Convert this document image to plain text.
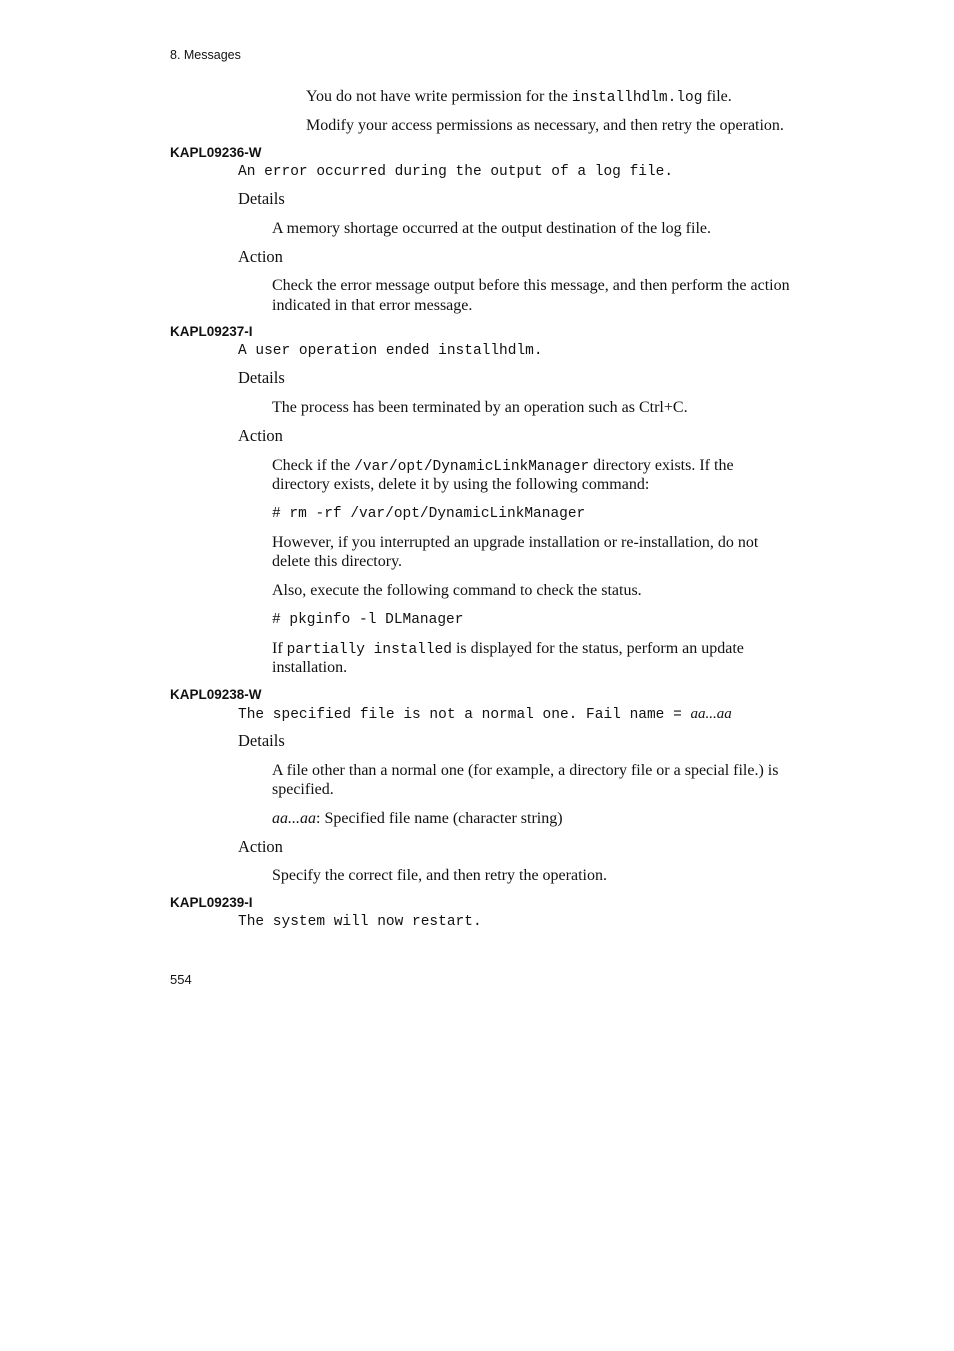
8. Messages
You do not have write permission for the installhdlm.log file.
Modify your access permissions as necessary, and then retry the operation.
KAPL09236-W
An error occurred during the output of a log file.
Details
A memory shortage occurred at the output destination of the log file.
Action
Check the error message output before this message, and then perform the action
indicated in that error message.
KAPL09237-I
A user operation ended installhdlm.
Details
The process has been terminated by an operation such as Ctrl+C.
Action
Check if the /var/opt/DynamicLinkManager directory exists. If the
directory exists, delete it by using the following command:
# rm -rf /var/opt/DynamicLinkManager
However, if you interrupted an upgrade installation or re-installation, do not
delete this directory.
Also, execute the following command to check the status.
# pkginfo -l DLManager
If partially installed is displayed for the status, perform an update
installation.
KAPL09238-W
The specified file is not a normal one. Fail name = aa...aa
Details
A file other than a normal one (for example, a directory file or a special file.) is
specified.
aa...aa: Specified file name (character string)
Action
Specify the correct file, and then retry the operation.
KAPL09239-I
The system will now restart.
554
